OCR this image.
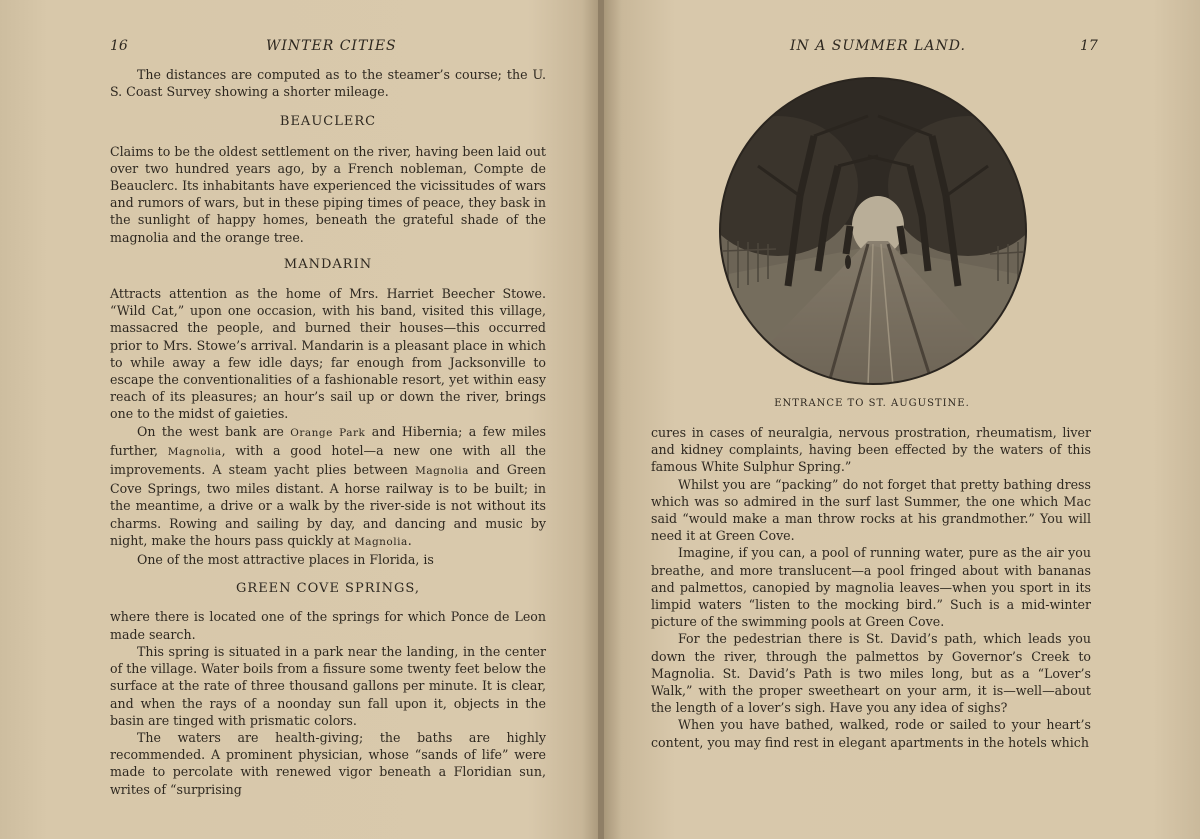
16	WINTER CITIES

The distances are computed as to the steamer’s course; the U. S. Coast Survey showing a shorter mileage.

BEAUCLERC

Claims to be the oldest settlement on the river, having been laid out over two hundred years ago, by a French nobleman, Compte de Beauclerc. Its inhabitants have experienced the vicissitudes of wars and rumors of wars, but in these piping times of peace, they bask in the sunlight of happy homes, beneath the grateful shade of the magnolia and the orange tree.

MANDARIN

Attracts attention as the home of Mrs. Harriet Beecher Stowe. “Wild Cat,” upon one occasion, with his band, visited this village, massacred the people, and burned their houses—this occurred prior to Mrs. Stowe’s arrival. Mandarin is a pleasant place in which to while away a few idle days; far enough from Jacksonville to escape the conventionalities of a fashionable resort, yet within easy reach of its pleasures; an hour’s sail up or down the river, brings one to the midst of gaieties.

On the west bank are Orange Park and Hibernia; a few miles further, Magnolia, with a good hotel—a new one with all the improvements. A steam yacht plies between Magnolia and Green Cove Springs, two miles distant. A horse railway is to be built; in the meantime, a drive or a walk by the river-side is not without its charms. Rowing and sailing by day, and dancing and music by night, make the hours pass quickly at Magnolia.

One of the most attractive places in Florida, is

GREEN COVE SPRINGS,

where there is located one of the springs for which Ponce de Leon made search.

This spring is situated in a park near the landing, in the center of the village. Water boils from a fissure some twenty feet below the surface at the rate of three thousand gallons per minute. It is clear, and when the rays of a noonday sun fall upon it, objects in the basin are tinged with prismatic colors.

The waters are health-giving; the baths are highly recommended. A prominent physician, whose “sands of life” were made to percolate with renewed vigor beneath a Floridian sun, writes of “surprising

IN A SUMMER LAND.	17
ENTRANCE TO ST. AUGUSTINE.

cures in cases of neuralgia, nervous prostration, rheumatism, liver and kidney complaints, having been effected by the waters of this famous White Sulphur Spring.”

Whilst you are “packing” do not forget that pretty bathing dress which was so admired in the surf last Summer, the one which Mac said “would make a man throw rocks at his grandmother.” You will need it at Green Cove.

Imagine, if you can, a pool of running water, pure as the air you breathe, and more translucent—a pool fringed about with bananas and palmettos, canopied by magnolia leaves—when you sport in its limpid waters “listen to the mocking bird.” Such is a mid-winter picture of the swimming pools at Green Cove.

For the pedestrian there is St. David’s path, which leads you down the river, through the palmettos by Governor’s Creek to Magnolia. St. David’s Path is two miles long, but as a “Lover’s Walk,” with the proper sweetheart on your arm, it is—well—about the length of a lover’s sigh. Have you any idea of sighs?

When you have bathed, walked, rode or sailed to your heart’s content, you may find rest in elegant apartments in the hotels which
